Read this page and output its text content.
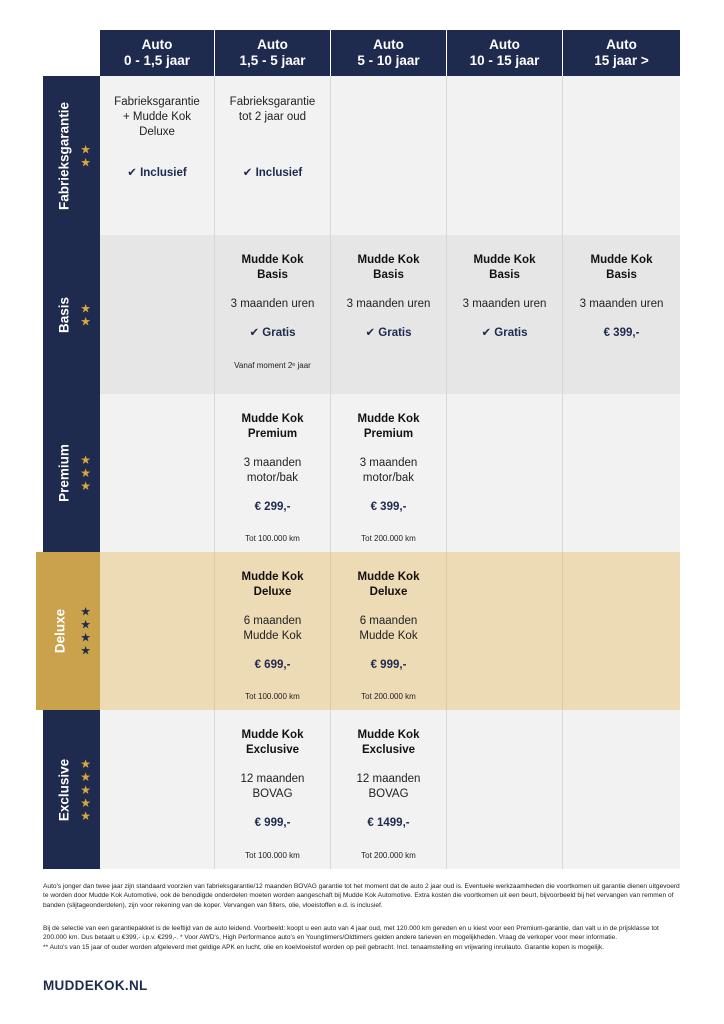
Auto
0 - 1,5 jaar
Auto
1,5 - 5 jaar
Auto
5 - 10 jaar
Auto
10 - 15 jaar
Auto
15 jaar >
Fabrieksgarantie ★
★
Basis ★
★
Premium ★
★
★
Deluxe ★
★
★
★
Exclusive ★
★
★
★
★
Fabrieksgarantie + Mudde Kok Deluxe
✔ Inclusief
Fabrieksgarantie tot 2 jaar oud
✔ Inclusief
Mudde Kok
Basis
3 maanden uren
✔ Gratis
Vanaf moment 2ᵉ jaar
Mudde Kok
Basis
3 maanden uren
✔ Gratis
Mudde Kok
Basis
3 maanden uren
✔ Gratis
Mudde Kok
Basis
3 maanden uren
€ 399,-
Mudde Kok
Premium
3 maanden
motor/bak
€ 299,-
Tot 100.000 km
Mudde Kok
Premium
3 maanden
motor/bak
€ 399,-
Tot 200.000 km
Mudde Kok
Deluxe
6 maanden
Mudde Kok
€ 699,-
Tot 100.000 km
Mudde Kok
Deluxe
6 maanden
Mudde Kok
€ 999,-
Tot 200.000 km
Mudde Kok
Exclusive
12 maanden
BOVAG
€ 999,-
Tot 100.000 km
Mudde Kok
Exclusive
12 maanden
BOVAG
€ 1499,-
Tot 200.000 km
Auto's jonger dan twee jaar zijn standaard voorzien van fabrieksgarantie/12 maanden BOVAG garantie tot het moment dat de auto 2 jaar oud is. Eventuele werkzaamheden die voortkomen uit garantie dienen uitgevoerd te worden door Mudde Kok Automotive, ook de benodigde onderdelen moeten worden aangeschaft bij Mudde Kok Automotive. Extra kosten die voortkomen uit een beurt, bijvoorbeeld bij het vervangen van remmen of banden (slijtageonderdelen), zijn voor rekening van de koper. Vervangen van filters, olie, vloeistoffen e.d. is inclusief.
Bij de selectie van een garantiepakket is de leeftijd van de auto leidend. Voorbeeld: koopt u een auto van 4 jaar oud, met 120.000 km gereden en u kiest voor een Premium-garantie, dan valt u in de prijsklasse tot 200.000 km. Dus betaalt u €399,- i.p.v. €299,-. * Voor AWD's, High Performance auto's en Youngtimers/Oldtimers gelden andere tarieven en mogelijkheden. Vraag de verkoper voor meer informatie.
** Auto's van 15 jaar of ouder worden afgeleverd met geldige APK en lucht, olie en koelvloeistof worden op peil gebracht. Incl. tenaamstelling en vrijwaring inruilauto. Garantie kopen is mogelijk.
MUDDEKOK.NL
